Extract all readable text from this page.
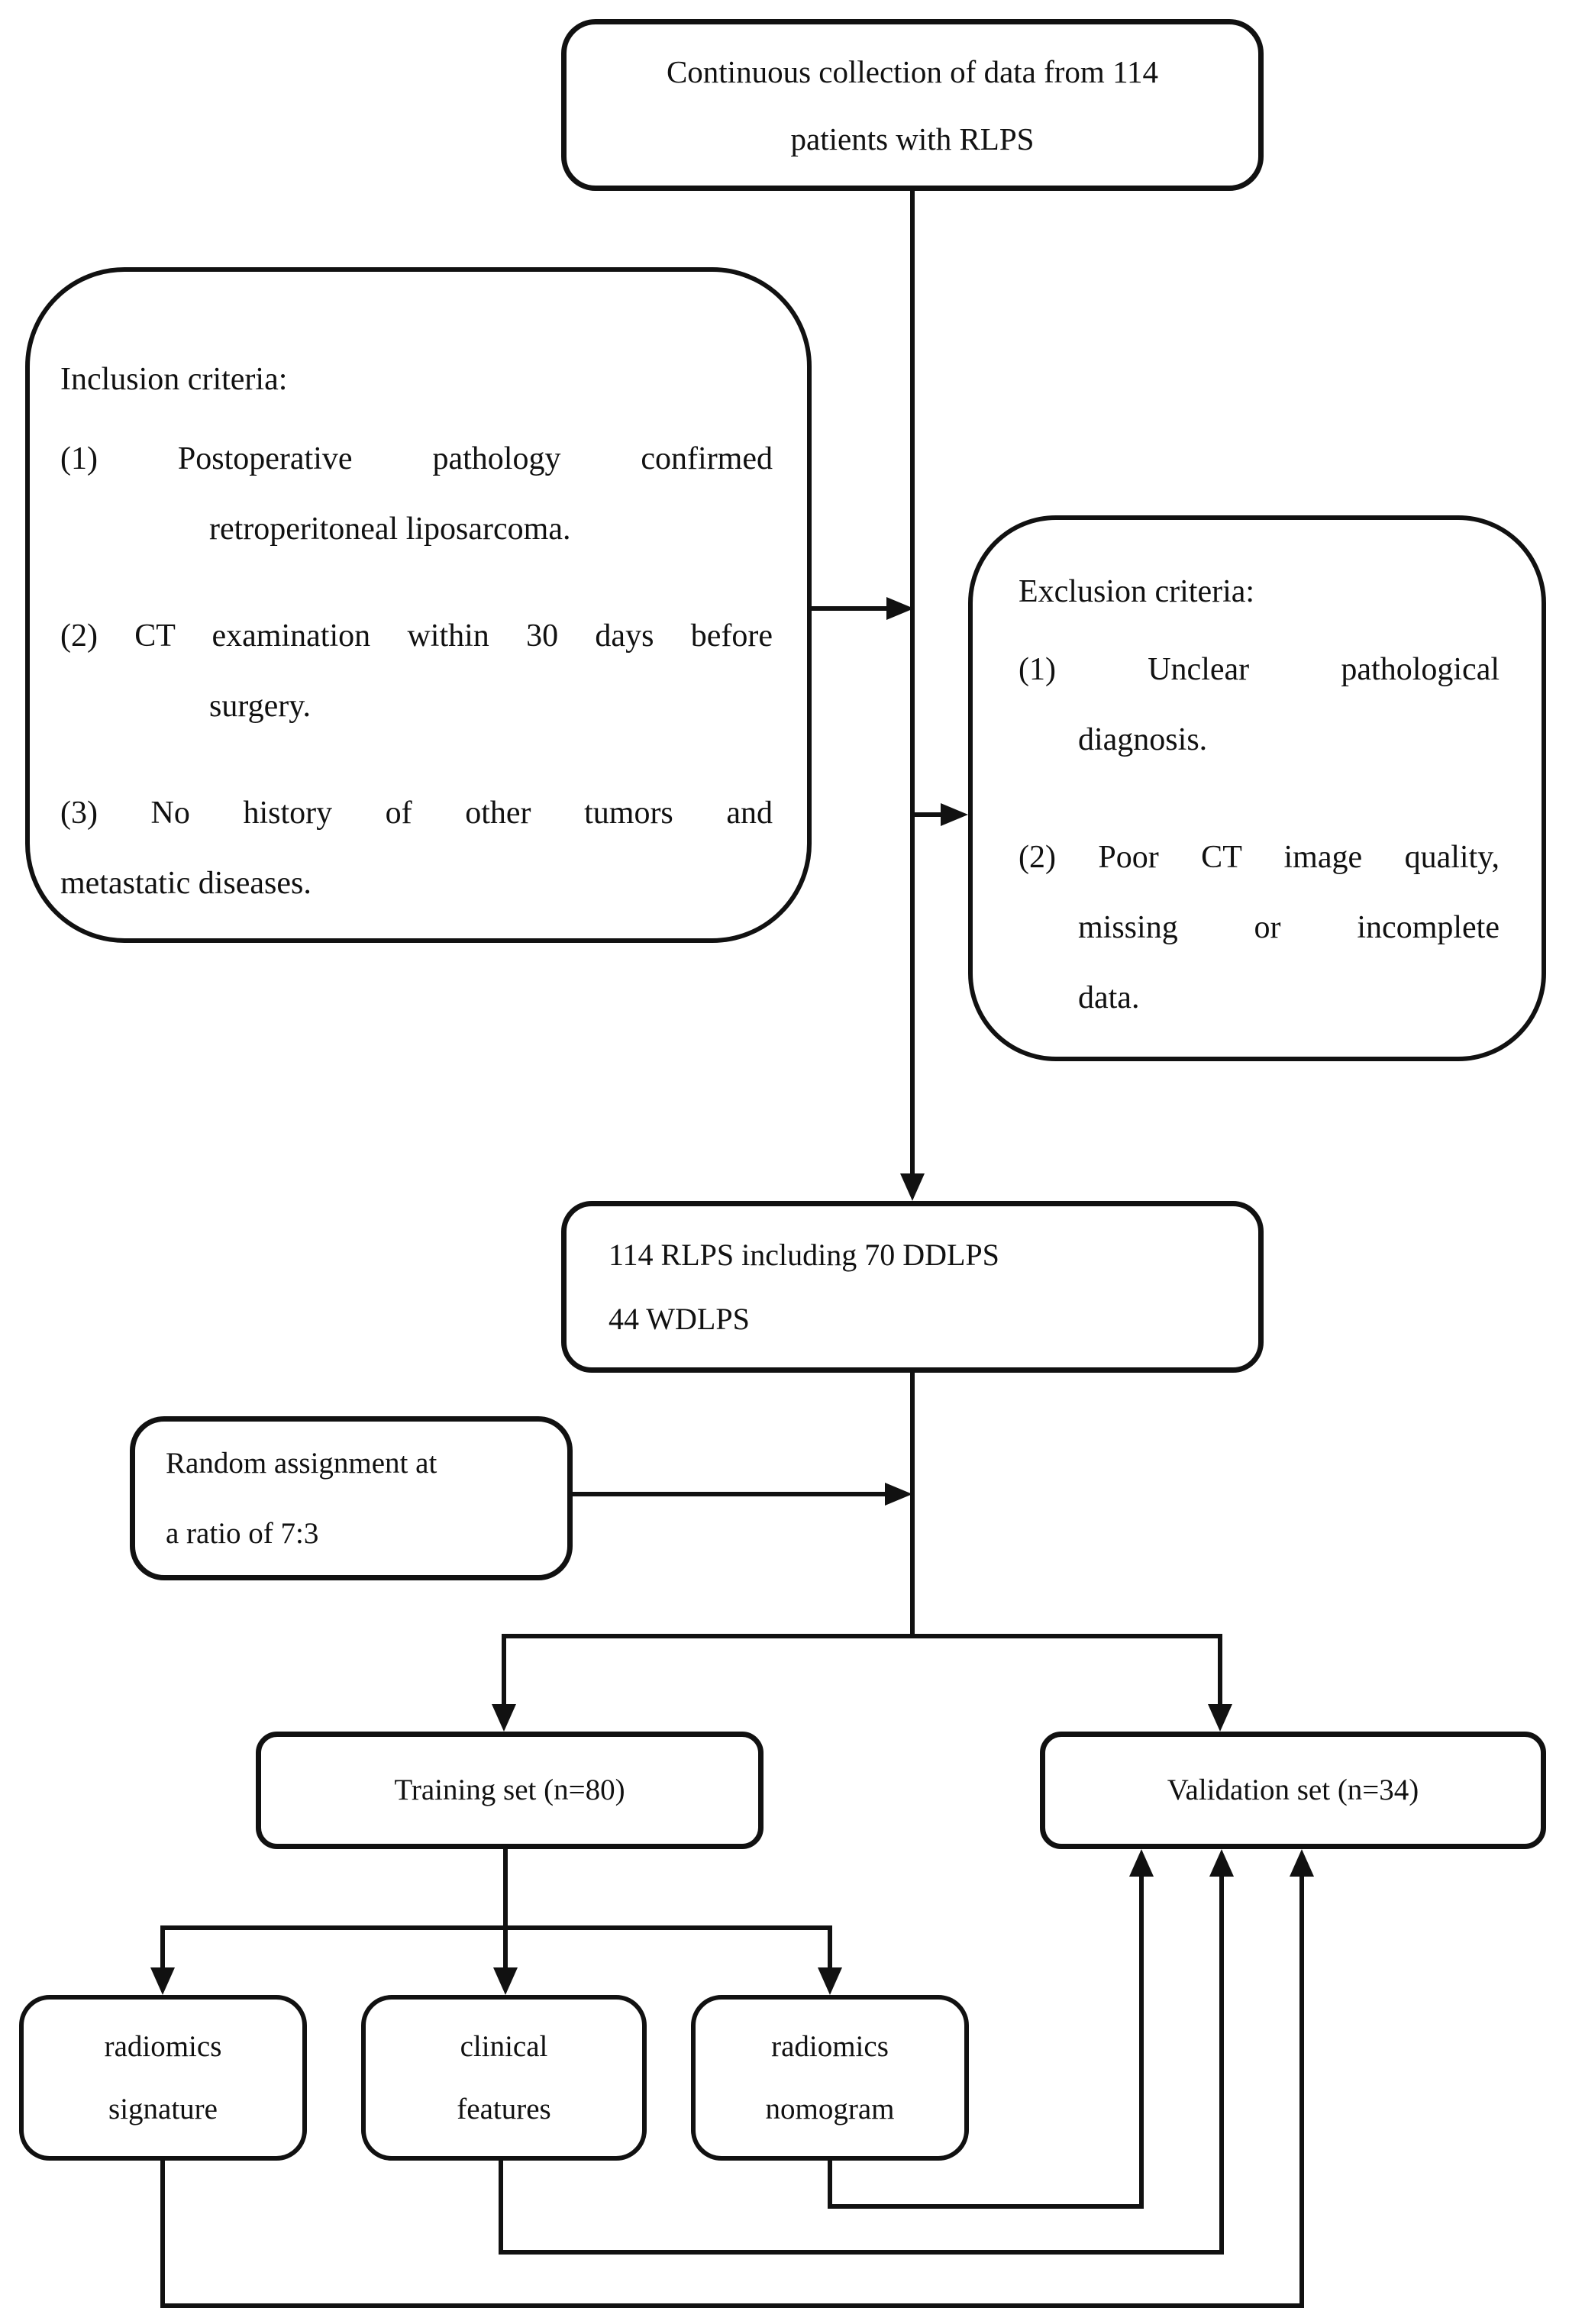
Continuous collection of data from 114
patients with RLPS
Inclusion criteria:
(1) Postoperative pathology confirmed
retroperitoneal liposarcoma.
(2) CT examination within 30 days before
surgery.
(3) No history of other tumors and
metastatic diseases.
Exclusion criteria:
(1) Unclear pathological
diagnosis.
(2) Poor CT image quality,
missing or incomplete
data.
114 RLPS including 70 DDLPS
44 WDLPS
Random assignment at
a ratio of 7:3
Training set (n=80)	Validation set (n=34)
radiomics
signature
clinical
features
radiomics
nomogram
